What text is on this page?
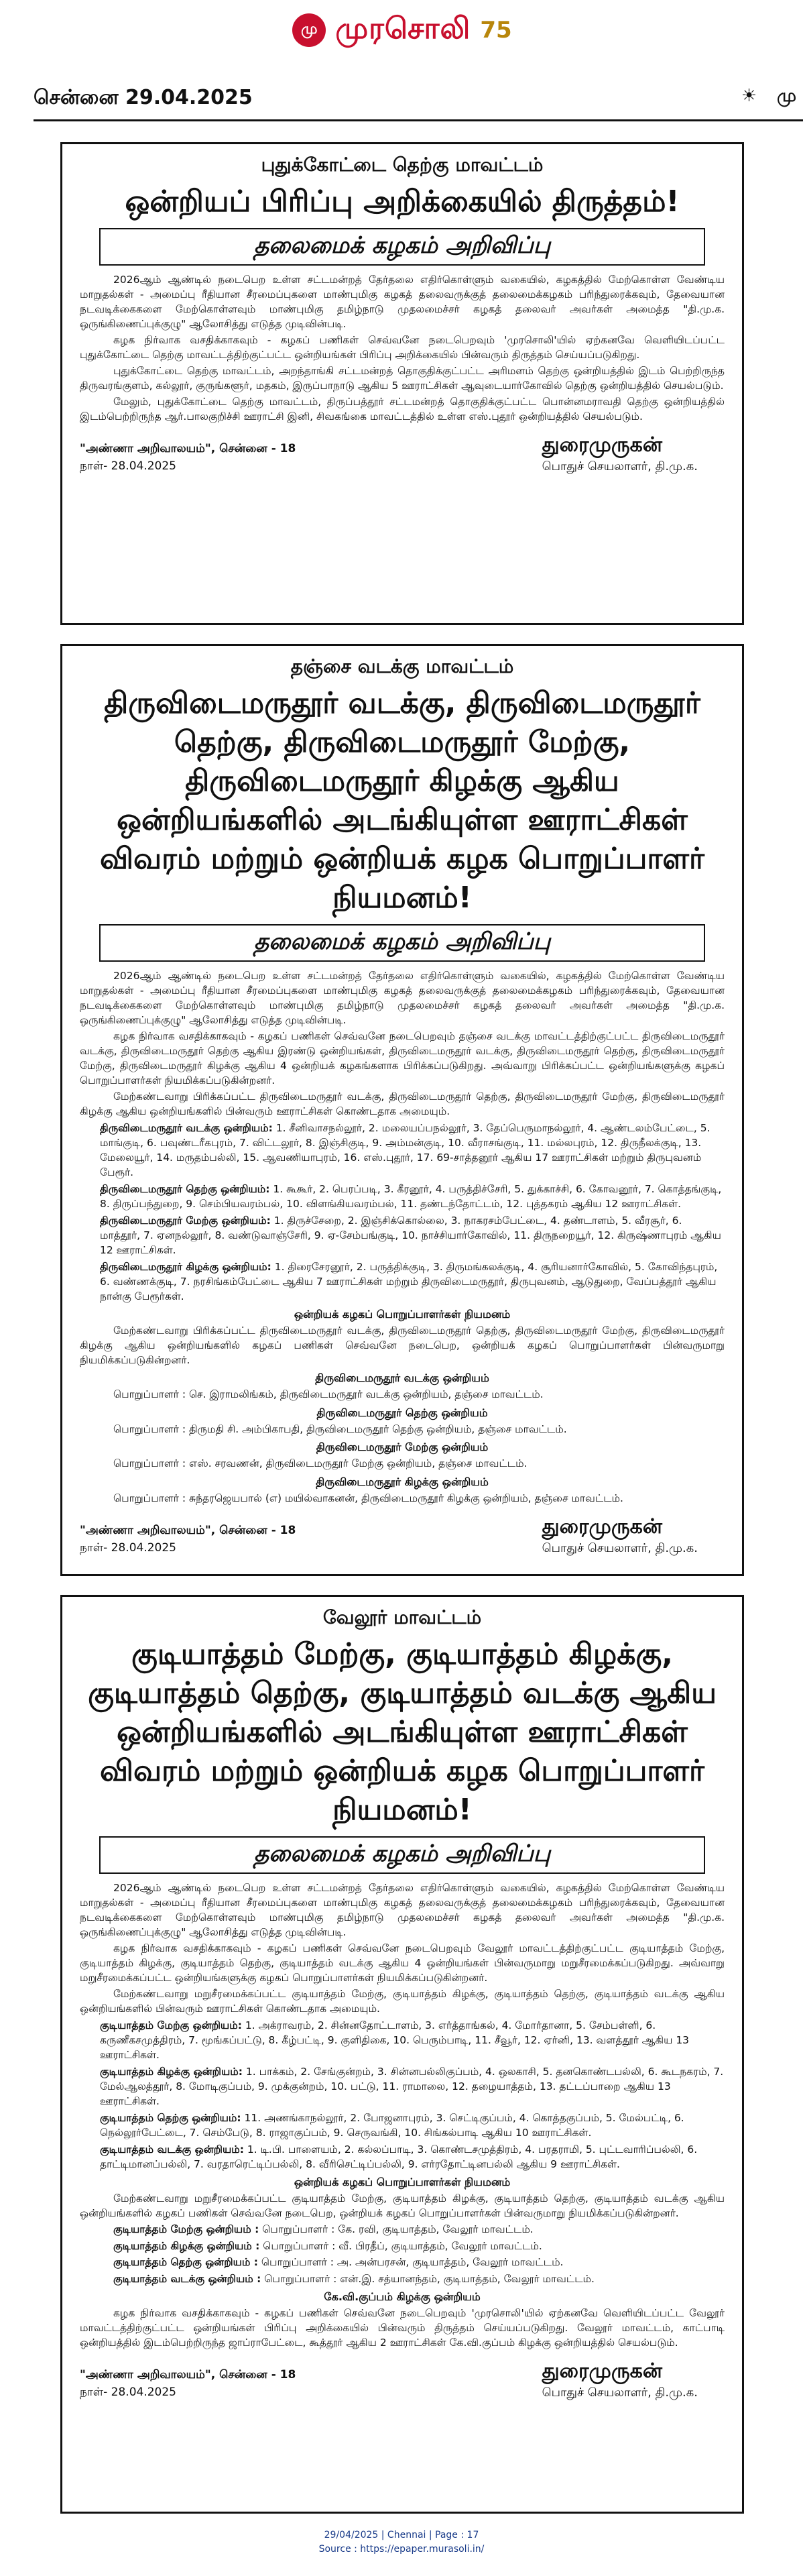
மு முரசொலி 75
சென்னை 29.04.2025	☀ மு
புதுக்கோட்டை தெற்கு மாவட்டம்
ஒன்றியப் பிரிப்பு அறிக்கையில் திருத்தம்!
தலைமைக் கழகம் அறிவிப்பு

2026ஆம் ஆண்டில் நடைபெற உள்ள சட்டமன்றத் தேர்தலை எதிர்கொள்ளும் வகையில், கழகத்தில் மேற்கொள்ள வேண்டிய மாறுதல்கள் - அமைப்பு ரீதியான சீரமைப்புகளை மாண்புமிகு கழகத் தலைவருக்குத் தலைமைக்கழகம் பரிந்துரைக்கவும், தேவையான நடவடிக்கைகளை மேற்கொள்ளவும் மாண்புமிகு தமிழ்நாடு முதலமைச்சர் கழகத் தலைவர் அவர்கள் அமைத்த "தி.மு.க. ஒருங்கிணைப்புக்குழு" ஆலோசித்து எடுத்த முடிவின்படி.

கழக நிர்வாக வசதிக்காகவும் - கழகப் பணிகள் செவ்வனே நடைபெறவும் 'முரசொலி'யில் ஏற்கனவே வெளியிடப்பட்ட புதுக்கோட்டை தெற்கு மாவட்டத்திற்குட்பட்ட ஒன்றியங்கள் பிரிப்பு அறிக்கையில் பின்வரும் திருத்தம் செய்யப்படுகிறது.

புதுக்கோட்டை தெற்கு மாவட்டம், அறந்தாங்கி சட்டமன்றத் தொகுதிக்குட்பட்ட அரிமளம் தெற்கு ஒன்றியத்தில் இடம் பெற்றிருந்த திருவரங்குளம், கல்லூர், குருங்களூர், மதகம், இருப்பாநாடு ஆகிய 5 ஊராட்சிகள் ஆவுடையார்கோவில் தெற்கு ஒன்றியத்தில் செயல்படும்.

மேலும், புதுக்கோட்டை தெற்கு மாவட்டம், திருப்பத்தூர் சட்டமன்றத் தொகுதிக்குட்பட்ட பொன்னமராவதி தெற்கு ஒன்றியத்தில் இடம்பெற்றிருந்த ஆர்.பாலகுறிச்சி ஊராட்சி இனி, சிவகங்கை மாவட்டத்தில் உள்ள எஸ்.புதூர் ஒன்றியத்தில் செயல்படும்.

"அண்ணா அறிவாலயம்", சென்னை - 18
நாள்- 28.04.2025
துரைமுருகன்
பொதுச் செயலாளர், தி.மு.க.
தஞ்சை வடக்கு மாவட்டம்
திருவிடைமருதூர் வடக்கு, திருவிடைமருதூர் தெற்கு, திருவிடைமருதூர் மேற்கு, திருவிடைமருதூர் கிழக்கு ஆகிய ஒன்றியங்களில் அடங்கியுள்ள ஊராட்சிகள் விவரம் மற்றும் ஒன்றியக் கழக பொறுப்பாளர் நியமனம்!
தலைமைக் கழகம் அறிவிப்பு

2026ஆம் ஆண்டில் நடைபெற உள்ள சட்டமன்றத் தேர்தலை எதிர்கொள்ளும் வகையில், கழகத்தில் மேற்கொள்ள வேண்டிய மாறுதல்கள் - அமைப்பு ரீதியான சீரமைப்புகளை மாண்புமிகு கழகத் தலைவருக்குத் தலைமைக்கழகம் பரிந்துரைக்கவும், தேவையான நடவடிக்கைகளை மேற்கொள்ளவும் மாண்புமிகு தமிழ்நாடு முதலமைச்சர் கழகத் தலைவர் அவர்கள் அமைத்த "தி.மு.க. ஒருங்கிணைப்புக்குழு" ஆலோசித்து எடுத்த முடிவின்படி.

கழக நிர்வாக வசதிக்காகவும் - கழகப் பணிகள் செவ்வனே நடைபெறவும் தஞ்சை வடக்கு மாவட்டத்திற்குட்பட்ட திருவிடைமருதூர் வடக்கு, திருவிடைமருதூர் தெற்கு ஆகிய இரண்டு ஒன்றியங்கள், திருவிடைமருதூர் வடக்கு, திருவிடைமருதூர் தெற்கு, திருவிடைமருதூர் மேற்கு, திருவிடைமருதூர் கிழக்கு ஆகிய 4 ஒன்றியக் கழகங்களாக பிரிக்கப்படுகிறது. அவ்வாறு பிரிக்கப்பட்ட ஒன்றியங்களுக்கு கழகப் பொறுப்பாளர்கள் நியமிக்கப்படுகின்றனர்.

மேற்கண்டவாறு பிரிக்கப்பட்ட திருவிடைமருதூர் வடக்கு, திருவிடைமருதூர் தெற்கு, திருவிடைமருதூர் மேற்கு, திருவிடைமருதூர் கிழக்கு ஆகிய ஒன்றியங்களில் பின்வரும் ஊராட்சிகள் கொண்டதாக அமையும்.

திருவிடைமருதூர் வடக்கு ஒன்றியம்: 1. சீனிவாசநல்லூர், 2. மலையப்பநல்லூர், 3. தேப்பெருமாநல்லூர், 4. ஆண்டலம்பேட்டை, 5. மாங்குடி, 6. பவுண்டரீகபுரம், 7. விட்டலூர், 8. இஞ்சிகுடி, 9. அம்மன்குடி, 10. வீராசங்குடி, 11. மல்லபுரம், 12. திருநீலக்குடி, 13. மேலையூர், 14. மருதம்பல்லி, 15. ஆவணியாபுரம், 16. எஸ்.புதூர், 17. 69-சாத்தனூர் ஆகிய 17 ஊராட்சிகள் மற்றும் திருபுவனம் பேரூர்.

திருவிடைமருதூர் தெற்கு ஒன்றியம்: 1. கூகூர், 2. பெரப்படி, 3. கீரனூர், 4. பருத்திச்சேரி, 5. துக்காச்சி, 6. கோவனூர், 7. கொத்தங்குடி, 8. திருப்பந்துறை, 9. செம்பியவரம்பல், 10. விளங்கியவரம்பல், 11. தண்டந்தோட்டம், 12. புத்தகரம் ஆகிய 12 ஊராட்சிகள்.

திருவிடைமருதூர் மேற்கு ஒன்றியம்: 1. திருச்சேறை, 2. இஞ்சிக்கொல்லை, 3. நாகரசம்பேட்டை, 4. தண்டாளம், 5. வீரசூர், 6. மாத்தூர், 7. ஏனநல்லூர், 8. வண்டுவாஞ்சேரி, 9. ஏ-சேம்பங்குடி, 10. நாச்சியார்கோவில், 11. திருநறையூர், 12. கிருஷ்ணாபுரம் ஆகிய 12 ஊராட்சிகள்.

திருவிடைமருதூர் கிழக்கு ஒன்றியம்: 1. திரைசேரனூர், 2. பருத்திக்குடி, 3. திருமங்கலக்குடி, 4. சூரியனார்கோவில், 5. கோவிந்தபுரம், 6. வண்ணக்குடி, 7. நரசிங்கம்பேட்டை ஆகிய 7 ஊராட்சிகள் மற்றும் திருவிடைமருதூர், திருபுவனம், ஆடுதுறை, வேப்பத்தூர் ஆகிய நான்கு பேரூர்கள்.

ஒன்றியக் கழகப் பொறுப்பாளர்கள் நியமனம்

மேற்கண்டவாறு பிரிக்கப்பட்ட திருவிடைமருதூர் வடக்கு, திருவிடைமருதூர் தெற்கு, திருவிடைமருதூர் மேற்கு, திருவிடைமருதூர் கிழக்கு ஆகிய ஒன்றியங்களில் கழகப் பணிகள் செவ்வனே நடைபெற, ஒன்றியக் கழகப் பொறுப்பாளர்கள் பின்வருமாறு நியமிக்கப்படுகின்றனர்.

திருவிடைமருதூர் வடக்கு ஒன்றியம்
பொறுப்பாளர் : செ. இராமலிங்கம், திருவிடைமருதூர் வடக்கு ஒன்றியம், தஞ்சை மாவட்டம்.
திருவிடைமருதூர் தெற்கு ஒன்றியம்
பொறுப்பாளர் : திருமதி சி. அம்பிகாபதி, திருவிடைமருதூர் தெற்கு ஒன்றியம், தஞ்சை மாவட்டம்.
திருவிடைமருதூர் மேற்கு ஒன்றியம்
பொறுப்பாளர் : எஸ். சரவணன், திருவிடைமருதூர் மேற்கு ஒன்றியம், தஞ்சை மாவட்டம்.
திருவிடைமருதூர் கிழக்கு ஒன்றியம்
பொறுப்பாளர் : சுந்தரஜெயபால் (எ) மயில்வாகனன், திருவிடைமருதூர் கிழக்கு ஒன்றியம், தஞ்சை மாவட்டம்.
"அண்ணா அறிவாலயம்", சென்னை - 18
நாள்- 28.04.2025
துரைமுருகன்
பொதுச் செயலாளர், தி.மு.க.
வேலூர் மாவட்டம்
குடியாத்தம் மேற்கு, குடியாத்தம் கிழக்கு, குடியாத்தம் தெற்கு, குடியாத்தம் வடக்கு ஆகிய ஒன்றியங்களில் அடங்கியுள்ள ஊராட்சிகள் விவரம் மற்றும் ஒன்றியக் கழக பொறுப்பாளர் நியமனம்!
தலைமைக் கழகம் அறிவிப்பு

2026ஆம் ஆண்டில் நடைபெற உள்ள சட்டமன்றத் தேர்தலை எதிர்கொள்ளும் வகையில், கழகத்தில் மேற்கொள்ள வேண்டிய மாறுதல்கள் - அமைப்பு ரீதியான சீரமைப்புகளை மாண்புமிகு கழகத் தலைவருக்குத் தலைமைக்கழகம் பரிந்துரைக்கவும், தேவையான நடவடிக்கைகளை மேற்கொள்ளவும் மாண்புமிகு தமிழ்நாடு முதலமைச்சர் கழகத் தலைவர் அவர்கள் அமைத்த "தி.மு.க. ஒருங்கிணைப்புக்குழு" ஆலோசித்து எடுத்த முடிவின்படி.

கழக நிர்வாக வசதிக்காகவும் - கழகப் பணிகள் செவ்வனே நடைபெறவும் வேலூர் மாவட்டத்திற்குட்பட்ட குடியாத்தம் மேற்கு, குடியாத்தம் கிழக்கு, குடியாத்தம் தெற்கு, குடியாத்தம் வடக்கு ஆகிய 4 ஒன்றியங்கள் பின்வருமாறு மறுசீரமைக்கப்படுகிறது. அவ்வாறு மறுசீரமைக்கப்பட்ட ஒன்றியங்களுக்கு கழகப் பொறுப்பாளர்கள் நியமிக்கப்படுகின்றனர்.

மேற்கண்டவாறு மறுசீரமைக்கப்பட்ட குடியாத்தம் மேற்கு, குடியாத்தம் கிழக்கு, குடியாத்தம் தெற்கு, குடியாத்தம் வடக்கு ஆகிய ஒன்றியங்களில் பின்வரும் ஊராட்சிகள் கொண்டதாக அமையும்.

குடியாத்தம் மேற்கு ஒன்றியம்: 1. அக்ராவரம், 2. சின்னதோட்டாளம், 3. எர்த்தாங்கல், 4. மோர்தானா, 5. சேம்பள்ளி, 6. கருணீகசமுத்திரம், 7. மூங்கப்பட்டு, 8. கீழ்பட்டி, 9. குளிதிகை, 10. பெரும்பாடி, 11. சீவூர், 12. ஏர்னி, 13. வளத்தூர் ஆகிய 13 ஊராட்சிகள்.

குடியாத்தம் கிழக்கு ஒன்றியம்: 1. பாக்கம், 2. சேங்குன்றம், 3. சின்னபல்லிகுப்பம், 4. ஒலகாசி, 5. தனகொண்டபல்லி, 6. கூடநகரம், 7. மேல்ஆலத்தூர், 8. மோடிகுப்பம், 9. முக்குன்றம், 10. பட்டு, 11. ராமாலை, 12. தழையாத்தம், 13. தட்டப்பாறை ஆகிய 13 ஊராட்சிகள்.

குடியாத்தம் தெற்கு ஒன்றியம்: 11. அணங்காநல்லூர், 2. போஜனாபுரம், 3. செட்டிகுப்பம், 4. கொத்தகுப்பம், 5. மேல்பட்டி, 6. நெல்லூர்பேட்டை, 7. செம்பேடு, 8. ராஜாகுப்பம், 9. செருவங்கி, 10. சிங்கல்பாடி ஆகிய 10 ஊராட்சிகள்.

குடியாத்தம் வடக்கு ஒன்றியம்: 1. டி.பி. பாளையம், 2. கல்லப்பாடி, 3. கொண்டசமுத்திரம், 4. பரதராமி, 5. புட்டவாரிப்பல்லி, 6. தாட்டிமானப்பல்லி, 7. வரதாரெட்டிப்பல்லி, 8. வீரிசெட்டிப்பல்லி, 9. எர்ரதோட்டினபல்லி ஆகிய 9 ஊராட்சிகள்.

ஒன்றியக் கழகப் பொறுப்பாளர்கள் நியமனம்

மேற்கண்டவாறு மறுசீரமைக்கப்பட்ட குடியாத்தம் மேற்கு, குடியாத்தம் கிழக்கு, குடியாத்தம் தெற்கு, குடியாத்தம் வடக்கு ஆகிய ஒன்றியங்களில் கழகப் பணிகள் செவ்வனே நடைபெற, ஒன்றியக் கழகப் பொறுப்பாளர்கள் பின்வருமாறு நியமிக்கப்படுகின்றனர்.

குடியாத்தம் மேற்கு ஒன்றியம் : பொறுப்பாளர் : கே. ரவி, குடியாத்தம், வேலூர் மாவட்டம்.
குடியாத்தம் கிழக்கு ஒன்றியம் : பொறுப்பாளர் : வீ. பிரதீப், குடியாத்தம், வேலூர் மாவட்டம்.
குடியாத்தம் தெற்கு ஒன்றியம் : பொறுப்பாளர் : அ. அன்பரசன், குடியாத்தம், வேலூர் மாவட்டம்.
குடியாத்தம் வடக்கு ஒன்றியம் : பொறுப்பாளர் : என்.இ. சத்யானந்தம், குடியாத்தம், வேலூர் மாவட்டம்.
கே.வி.குப்பம் கிழக்கு ஒன்றியம்

கழக நிர்வாக வசதிக்காகவும் - கழகப் பணிகள் செவ்வனே நடைபெறவும் 'முரசொலி'யில் ஏற்கனவே வெளியிடப்பட்ட வேலூர் மாவட்டத்திற்குட்பட்ட ஒன்றியங்கள் பிரிப்பு அறிக்கையில் பின்வரும் திருத்தம் செய்யப்படுகிறது. வேலூர் மாவட்டம், காட்பாடி ஒன்றியத்தில் இடம்பெற்றிருந்த ஜாப்ராபேட்டை, கூத்தூர் ஆகிய 2 ஊராட்சிகள் கே.வி.குப்பம் கிழக்கு ஒன்றியத்தில் செயல்படும்.

"அண்ணா அறிவாலயம்", சென்னை - 18
நாள்- 28.04.2025
துரைமுருகன்
பொதுச் செயலாளர், தி.மு.க.
29/04/2025 | Chennai | Page : 17
Source : https://epaper.murasoli.in/
